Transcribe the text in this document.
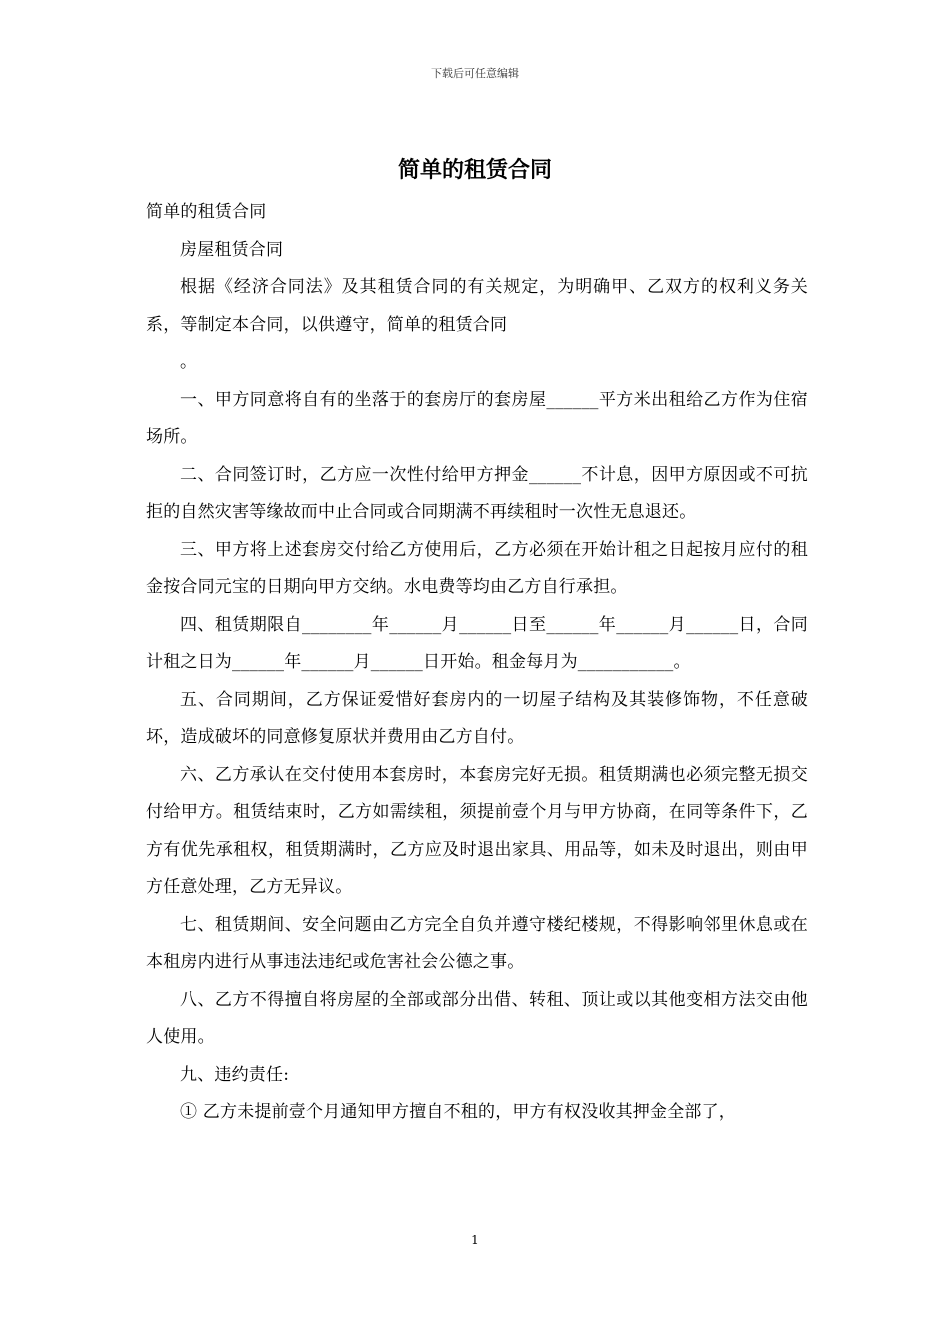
下载后可任意编辑
简单的租赁合同

简单的租赁合同

房屋租赁合同

根据《经济合同法》及其租赁合同的有关规定，为明确甲、乙双方的权利义务关系，等制定本合同，以供遵守，简单的租赁合同

。

一、甲方同意将自有的坐落于的套房厅的套房屋______平方米出租给乙方作为住宿场所。

二、合同签订时，乙方应一次性付给甲方押金______不计息，因甲方原因或不可抗拒的自然灾害等缘故而中止合同或合同期满不再续租时一次性无息退还。

三、甲方将上述套房交付给乙方使用后，乙方必须在开始计租之日起按月应付的租金按合同元宝的日期向甲方交纳。水电费等均由乙方自行承担。

四、租赁期限自________年______月______日至______年______月______日，合同计租之日为______年______月______日开始。租金每月为___________。

五、合同期间，乙方保证爱惜好套房内的一切屋子结构及其装修饰物，不任意破坏，造成破坏的同意修复原状并费用由乙方自付。

六、乙方承认在交付使用本套房时，本套房完好无损。租赁期满也必须完整无损交付给甲方。租赁结束时，乙方如需续租，须提前壹个月与甲方协商，在同等条件下，乙方有优先承租权，租赁期满时，乙方应及时退出家具、用品等，如未及时退出，则由甲方任意处理，乙方无异议。

七、租赁期间、安全问题由乙方完全自负并遵守楼纪楼规，不得影响邻里休息或在本租房内进行从事违法违纪或危害社会公德之事。

八、乙方不得擅自将房屋的全部或部分出借、转租、顶让或以其他变相方法交由他人使用。

九、违约责任:

① 乙方未提前壹个月通知甲方擅自不租的，甲方有权没收其押金全部了，

1
